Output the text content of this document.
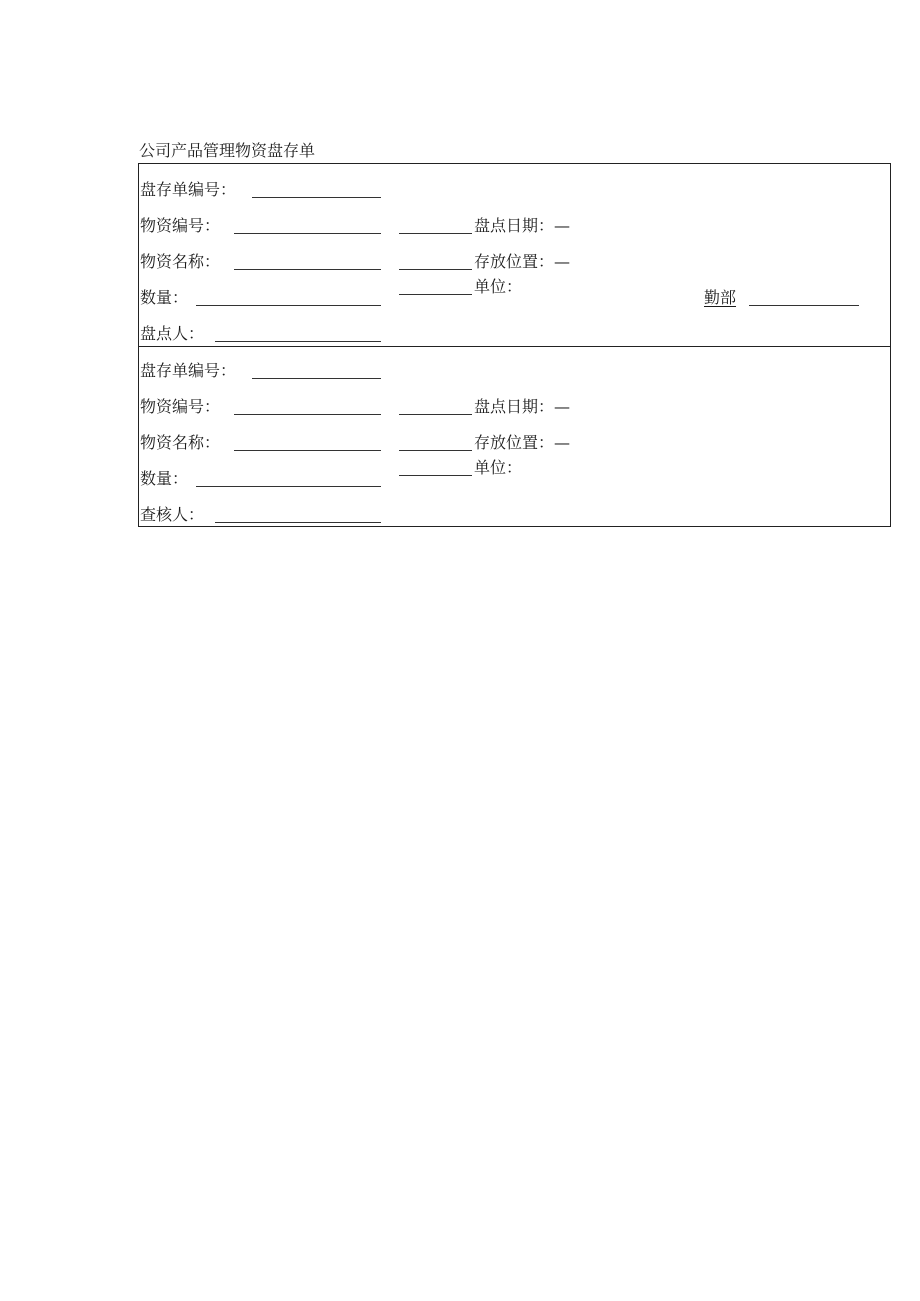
公司产品管理物资盘存单
盘存单编号：
物资编号：	盘点日期：—
物资名称：	存放位置：—
单位：
数量：	勤部
盘点人：
盘存单编号：
物资编号：	盘点日期：—
物资名称：	存放位置：—
单位：
数量：
查核人：
